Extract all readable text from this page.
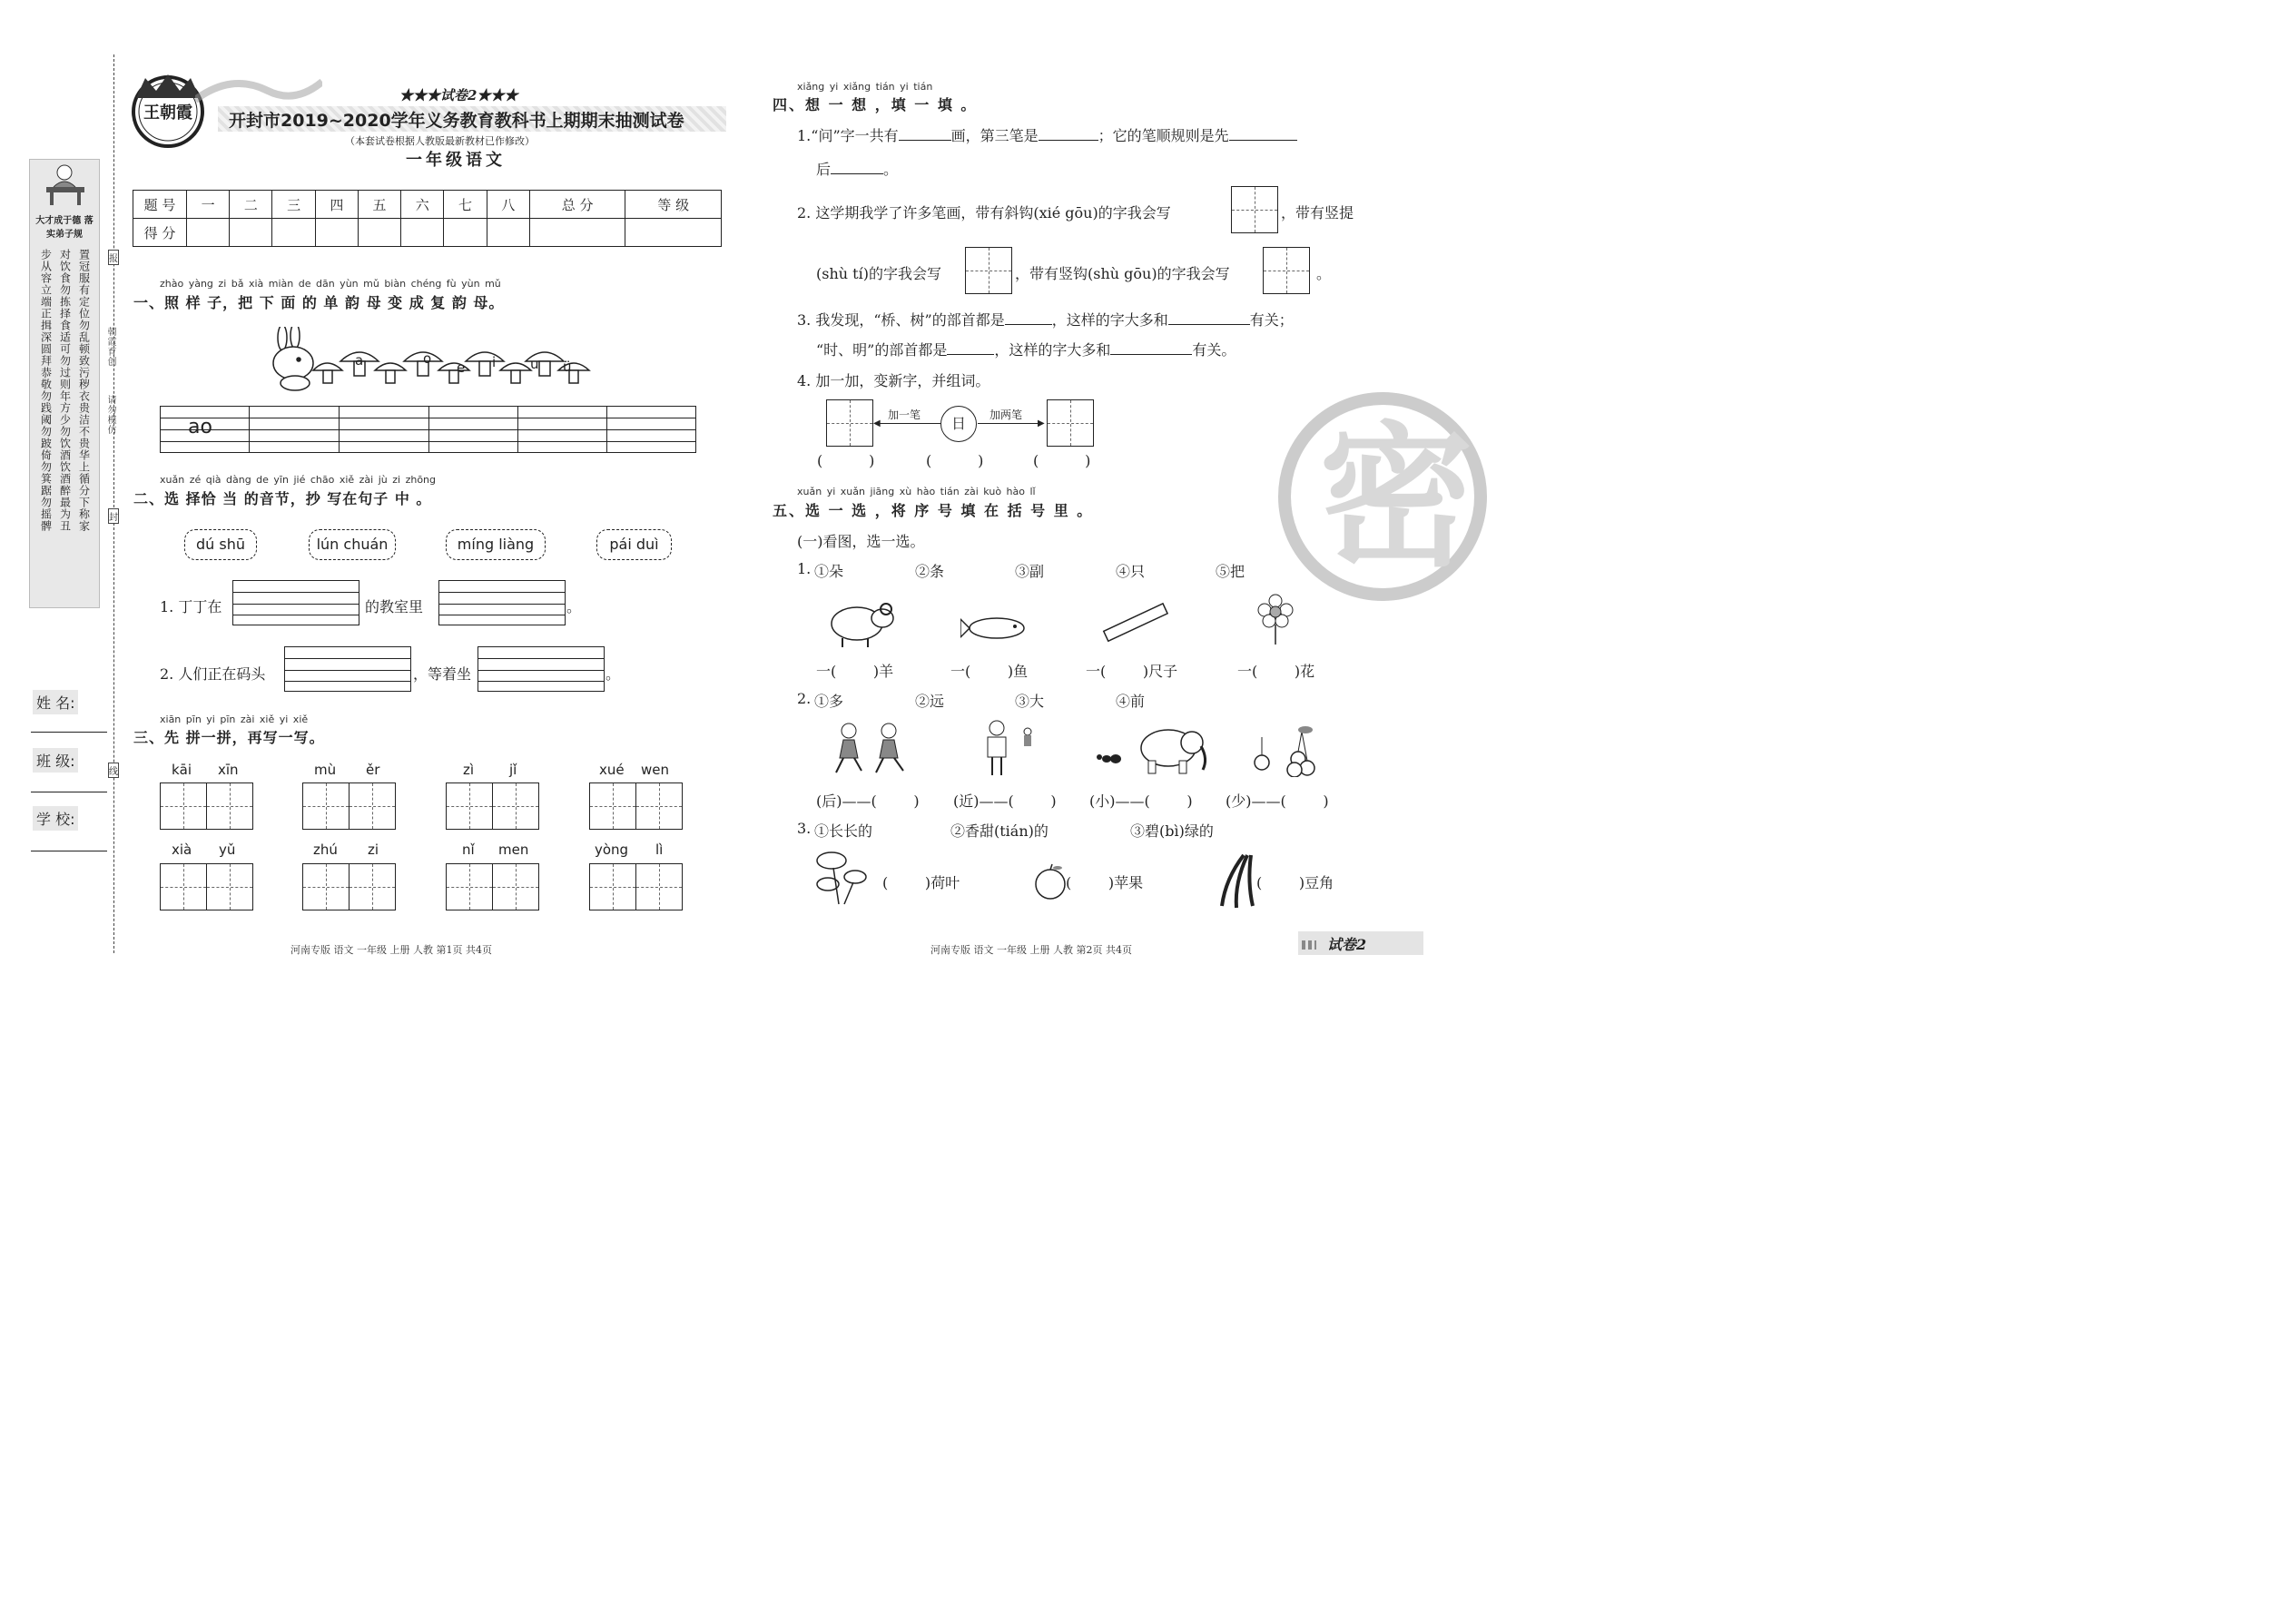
大才成于德 落实弟子规
置冠服有定位勿乱顿致污秽衣贵洁不贵华上循分下称家
对饮食勿拣择食适可勿过则年方少勿饮酒饮酒醉最为丑
步从容立端正揖深圆拜恭敬勿践阈勿跛倚勿箕踞勿摇髀	朝霞育创
请勿模仿
报
封
线
姓 名:
班 级:
学 校:
王朝霞
★★★试卷2★★★
开封市2019~2020学年义务教育教科书上期期末抽测试卷
（本套试卷根据人教版最新教材已作修改）
一年级语文
题 号	一	二	三	四	五	六	七	八	总 分	等 级
得 分										
zhào yàng zi bǎ xià miàn de dān yùn mǔ biàn chéng fù yùn mǔ
一、照 样 子，把 下 面 的 单 韵 母 变 成 复 韵 母。
a	o
e i	u ü
ao
xuǎn zé qià dàng de yīn jié chāo xiě zài jù zi zhōng
二、选 择恰 当 的音节，抄 写在句子 中 。
dú shū	lún chuán	míng liàng	pái duì
1. 丁丁在	的教室里	。
2. 人们正在码头	，等着坐	。
xiān pīn yi pīn zài xiě yi xiě
三、先 拼一拼，再写一写。
kāi xīn	mù ěr	zì	jǐ	xué wen
xià yǔ	zhú zi	nǐ men	yòng lì
河南专版 语文 一年级 上册 人教 第1页 共4页
密
xiǎng yi xiǎng tián yi tián
四、想 一 想 ，填 一 填 。
1.“问”字一共有	画，第三笔是	；它的笔顺规则是先
后	。
2. 这学期我学了许多笔画，带有斜钩(xié gōu)的字我会写	，带有竖提
(shù tí)的字我会写	，带有竖钩(shù gōu)的字我会写	。
3. 我发现，“桥、树”的部首都是	，这样的字大多和	有关；
“时、明”的部首都是	，这样的字大多和	有关。
4. 加一加，变新字，并组词。
◀
加一笔	日	▶
加两笔
(          )	(          )	(          )
xuǎn yi xuǎn jiāng xù hào tián zài kuò hào lǐ
五、选 一 选 ，将 序 号 填 在 括 号 里 。
(一)看图，选一选。
1. ①朵	②条	③副	④只	⑤把
一(        )羊	一(        )鱼	一(        )尺子	一(        )花
2. ①多	②远	③大	④前
(后)——(        ) (近)——(        ) (小)——(        ) (少)——(        )
3. ①长长的	②香甜(tián)的	③碧(bì)绿的
(        )荷叶	(        )苹果	(        )豆角
河南专版 语文 一年级 上册 人教 第2页 共4页	试卷2
